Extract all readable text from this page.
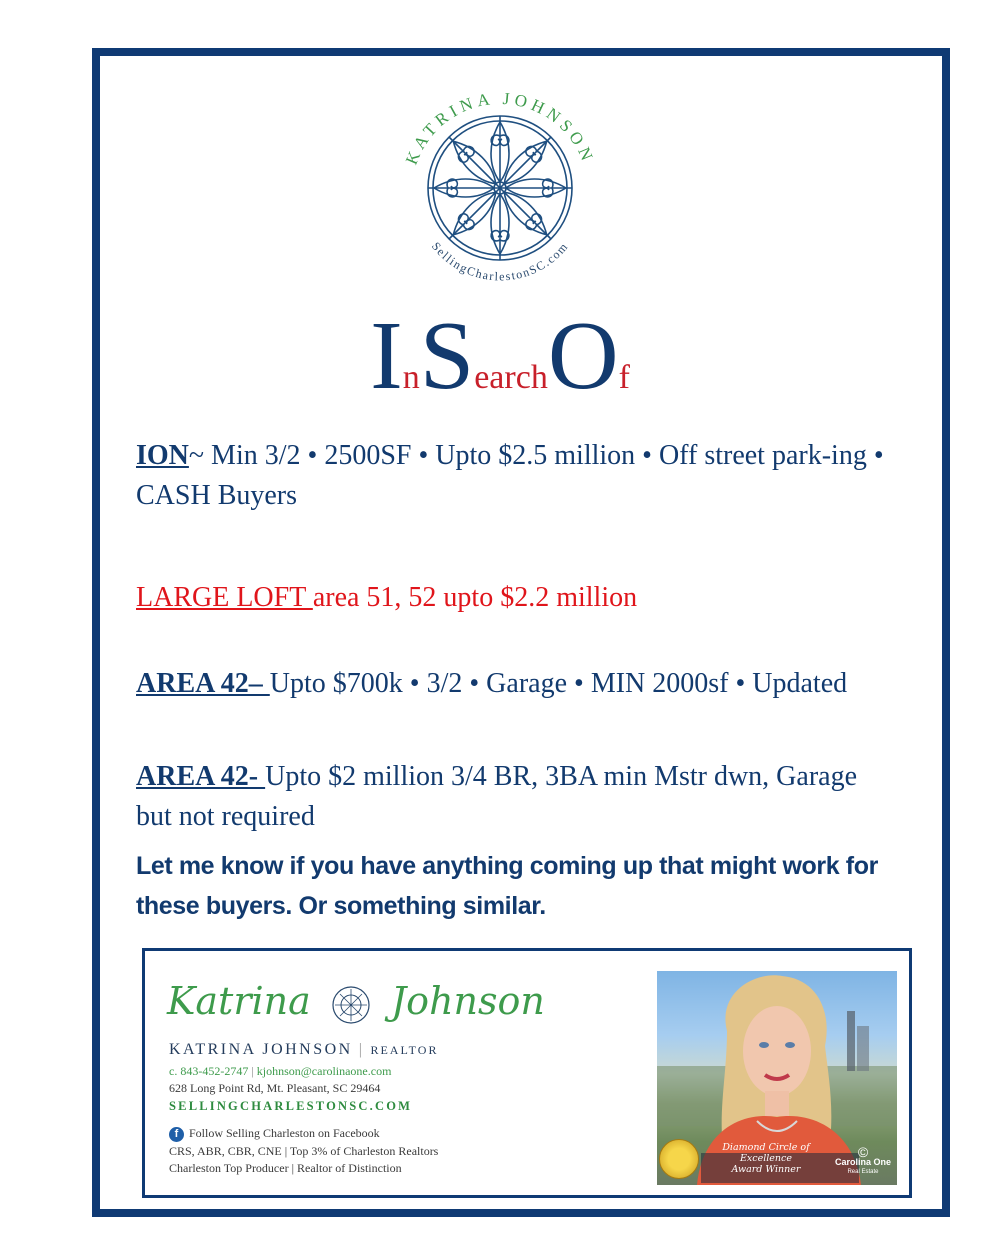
KATRINA JOHNSON
SellingCharlestonSC.com
InSearchOf
ION~ Min 3/2 • 2500SF • Upto $2.5 million • Off street park-ing • CASH Buyers
LARGE LOFT area 51, 52 upto $2.2 million
AREA 42– Upto $700k • 3/2 • Garage • MIN 2000sf • Updated
AREA 42- Upto $2 million 3/4 BR, 3BA min Mstr dwn, Garage but not required
Let me know if you have anything coming up that might work for these buyers. Or something similar.
Katrina Johnson
KATRINA JOHNSON | REALTOR
c. 843-452-2747 | kjohnson@carolinaone.com
628 Long Point Rd, Mt. Pleasant, SC 29464
SELLINGCHARLESTONSC.COM
f Follow Selling Charleston on Facebook
CRS, ABR, CBR, CNE | Top 3% of Charleston Realtors
Charleston Top Producer | Realtor of Distinction
Diamond Circle of Excellence
Award Winner
©
Carolina One
Real Estate
